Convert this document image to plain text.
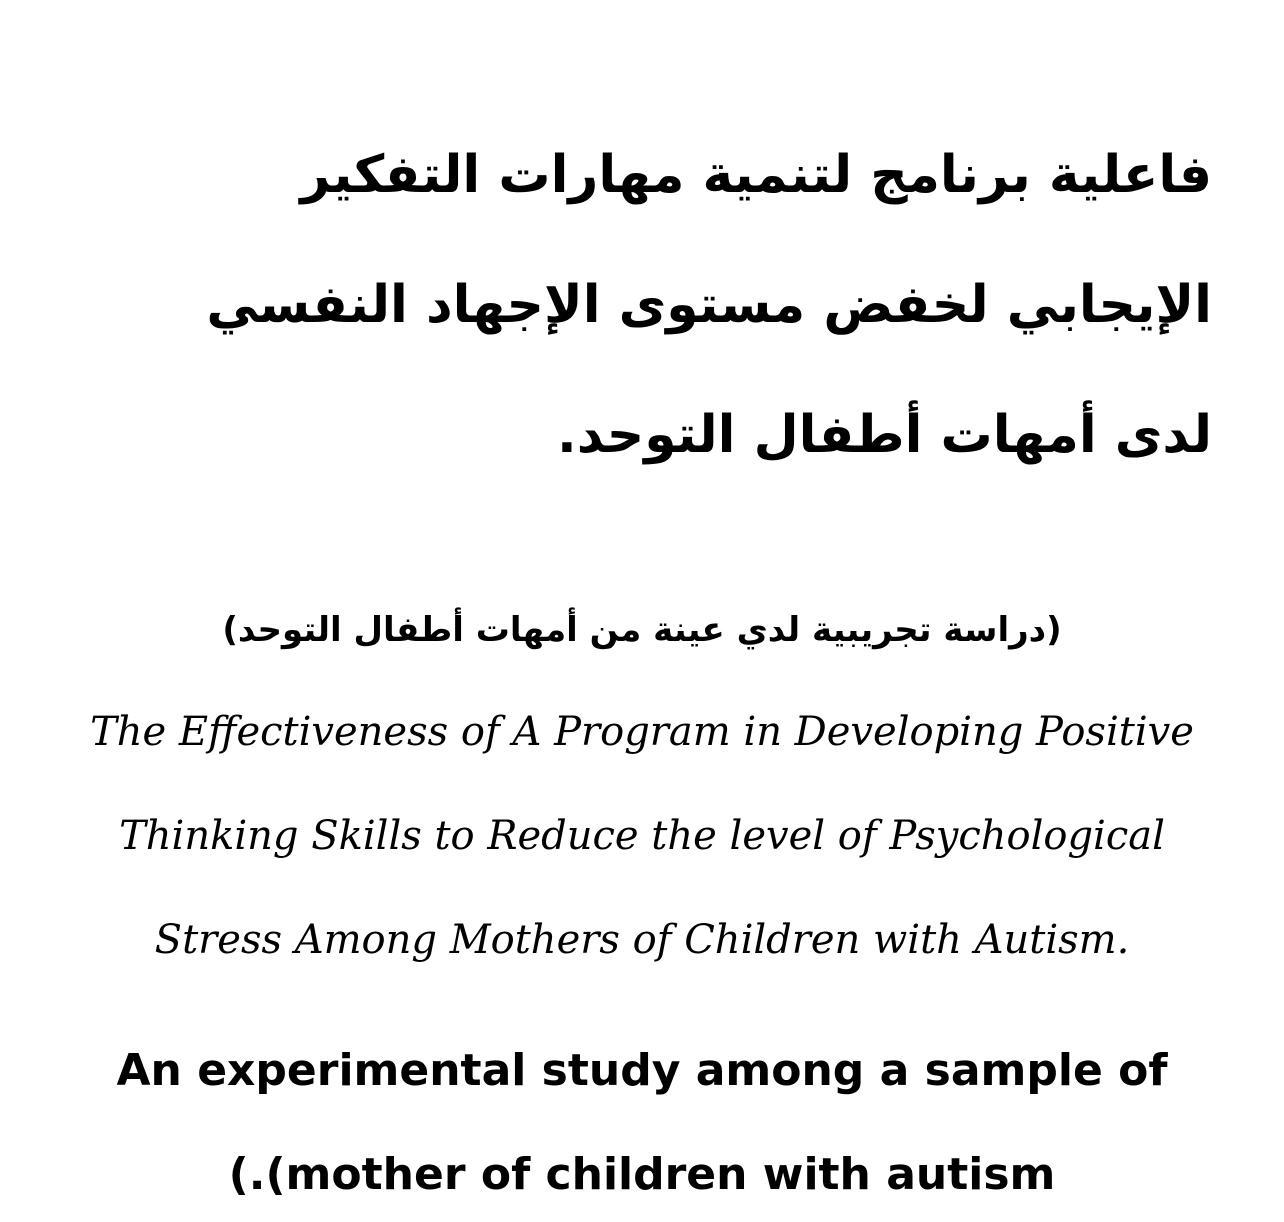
فاعلية برنامج لتنمية مهارات التفكير
الإيجابي لخفض مستوى الإجهاد النفسي
لدى أمهات أطفال التوحد.
(دراسة تجريبية لدي عينة من أمهات أطفال التوحد)
The Effectiveness of A Program in Developing Positive
Thinking Skills to Reduce the level of Psychological
Stress Among Mothers of Children with Autism.
An experimental study among a sample of
(.(mother of children with autism
